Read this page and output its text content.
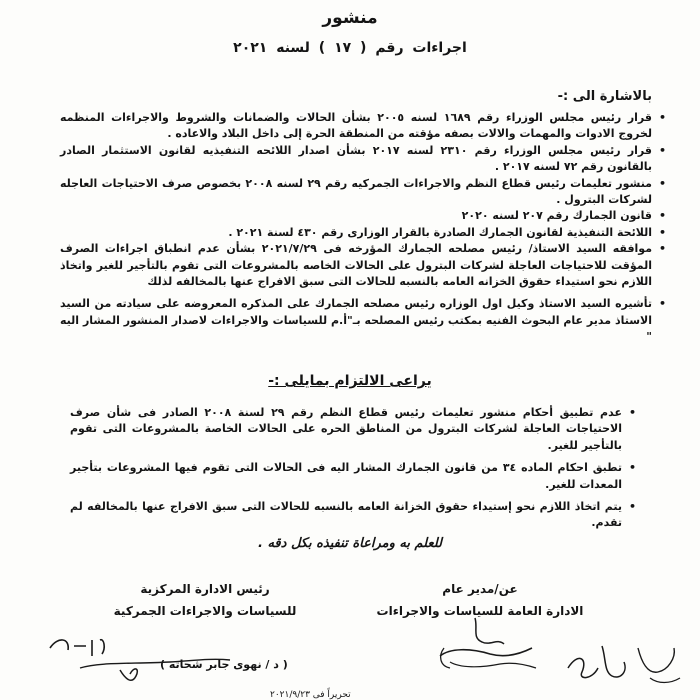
منشور
اجراءات رقم ( ١٧ ) لسنه ٢٠٢١
بالاشارة الى :-
• قرار رئيس مجلس الوزراء رقم ١٦٨٩ لسنه ٢٠٠٥ بشأن الحالات والضمانات والشروط والاجراءات المنظمه لخروج الادوات والمهمات والالات بصفه مؤقته من المنطقة الحرة إلى داخل البلاد والاعاده .
• قرار رئيس مجلس الوزراء رقم ٢٣١٠ لسنه ٢٠١٧ بشأن اصدار اللائحه التنفيذيه لقانون الاستثمار الصادر بالقانون رقم ٧٢ لسنه ٢٠١٧ .
• منشور تعليمات رئيس قطاع النظم والاجراءات الجمركيه رقم ٢٩ لسنه ٢٠٠٨ بخصوص صرف الاحتياجات العاجله لشركات البترول .
• قانون الجمارك رقم ٢٠٧ لسنه ٢٠٢٠
• اللائحة التنفيذية لقانون الجمارك الصادرة بالقرار الوزارى رقم ٤٣٠ لسنة ٢٠٢١ .
• موافقه السيد الاستاذ/ رئيس مصلحه الجمارك المؤرخه فى ٢٠٢١/٧/٢٩ بشأن عدم انطباق اجراءات الصرف المؤقت للاحتياجات العاجلة لشركات البترول على الحالات الخاصه بالمشروعات التى تقوم بالتأجير للغير واتخاذ اللازم نحو استيداء حقوق الخزانه العامه بالنسبه للحالات التى سبق الافراج عنها بالمخالفه لذلك
• تأشيره السيد الاستاذ وكيل اول الوزاره رئيس مصلحه الجمارك على المذكره المعروضه على سيادته من السيد الاستاذ مدير عام البحوث الفنيه بمكتب رئيس المصلحه بـ"أ.م للسياسات والاجراءات لاصدار المنشور المشار اليه "
يراعى الالتزام بمايلى :-
• عدم تطبيق أحكام منشور تعليمات رئيس قطاع النظم رقم ٢٩ لسنة ٢٠٠٨ الصادر فى شأن صرف الاحتياجات العاجلة لشركات البترول من المناطق الحره على الحالات الخاصة بالمشروعات التى تقوم بالتأجير للغير.
• تطبق احكام الماده ٣٤ من قانون الجمارك المشار اليه فى الحالات التى تقوم فيها المشروعات بتأجير المعدات للغير.
• يتم اتخاذ اللازم نحو إستيداء حقوق الخزانة العامه بالنسبه للحالات التى سبق الافراج عنها بالمخالفه لم تقدم.
للعلم به ومراعاة تنفيذه بكل دقه .
عن/مدير عام
الادارة العامة للسياسات والاجراءات
رئيس الادارة المركزية
للسياسات والاجراءات الجمركية
( د / نهوى جابر شحاته )
تحريراً فى ٢٠٢١/٩/٢٣
